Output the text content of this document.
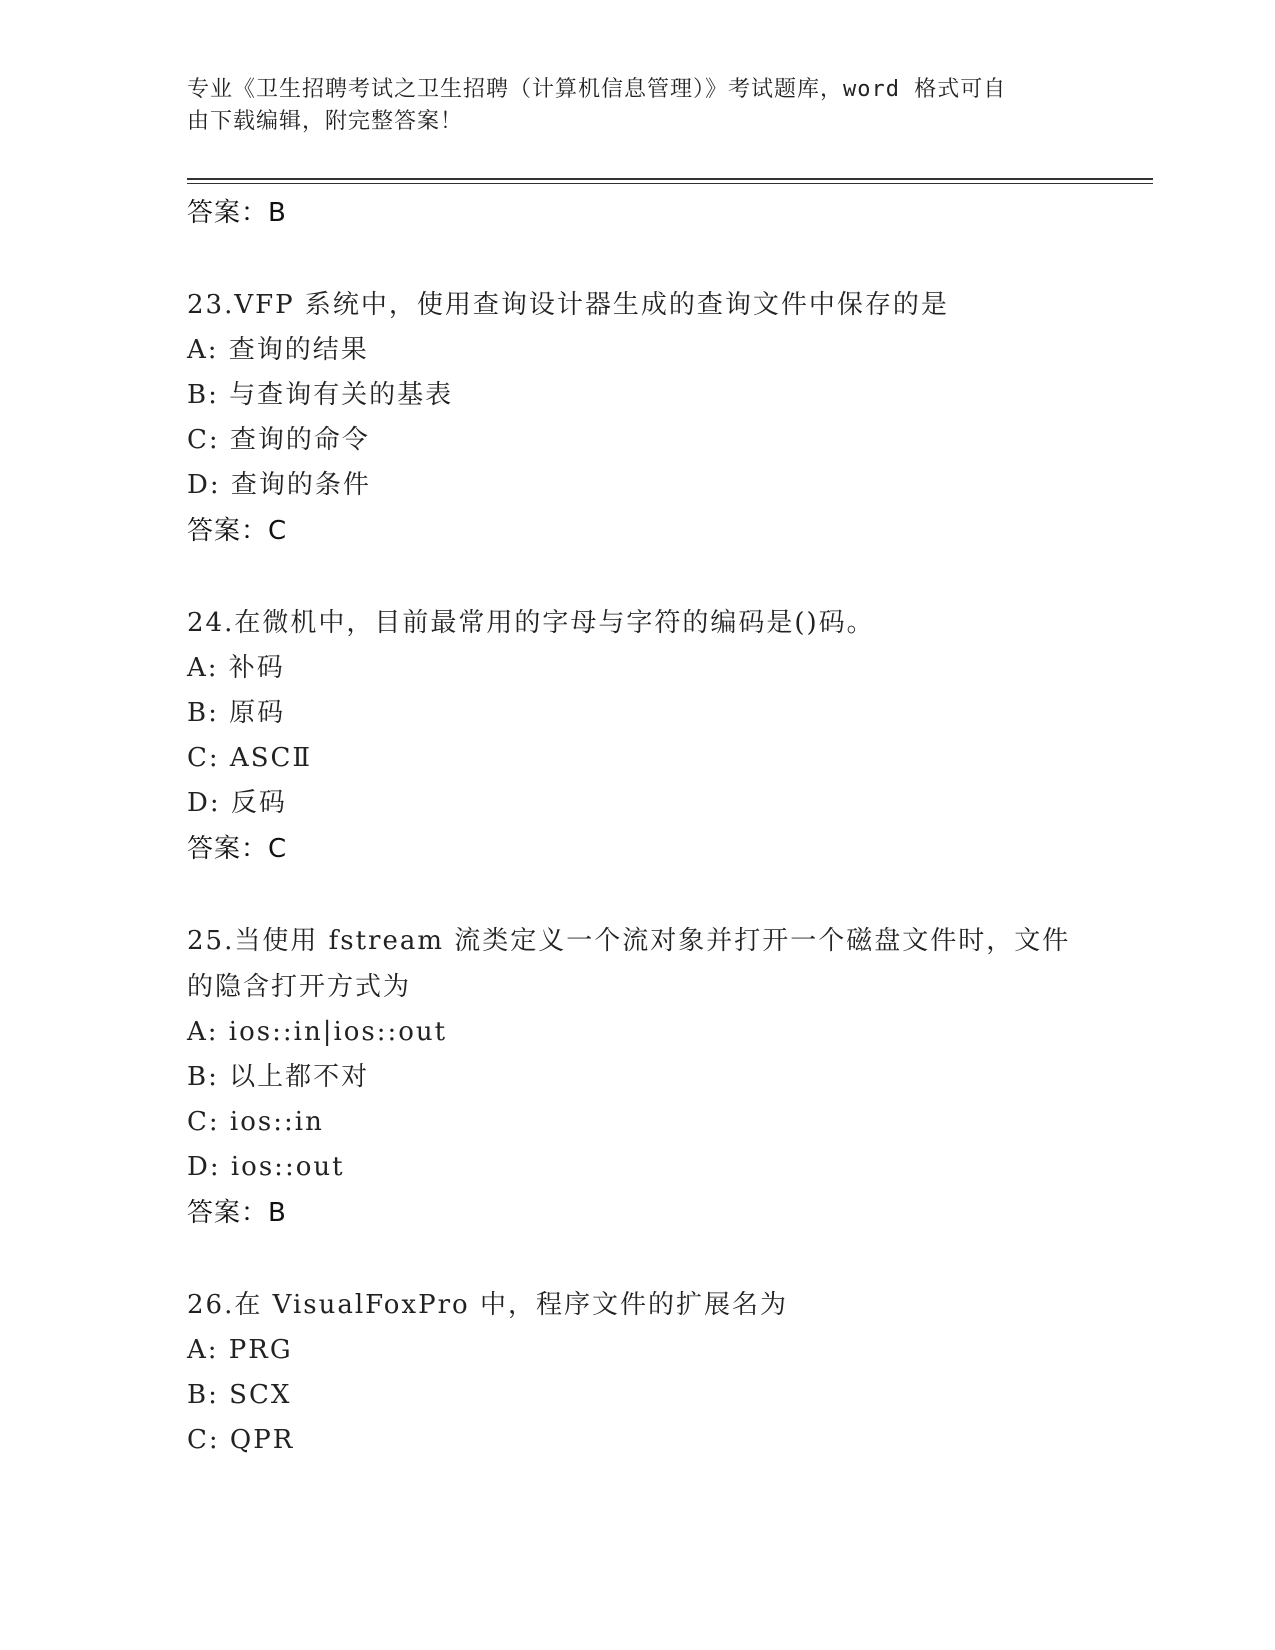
专业《卫生招聘考试之卫生招聘（计算机信息管理）》考试题库，word 格式可自
由下载编辑，附完整答案！

答案：B

23.VFP 系统中，使用查询设计器生成的查询文件中保存的是

A: 查询的结果

B: 与查询有关的基表

C: 查询的命令

D: 查询的条件

答案：C

24.在微机中，目前最常用的字母与字符的编码是()码。

A: 补码

B: 原码

C: ASCⅡ

D: 反码

答案：C

25.当使用 fstream 流类定义一个流对象并打开一个磁盘文件时，文件

的隐含打开方式为

A: ios::in|ios::out

B: 以上都不对

C: ios::in

D: ios::out

答案：B

26.在 VisualFoxPro 中，程序文件的扩展名为

A: PRG

B: SCX

C: QPR
